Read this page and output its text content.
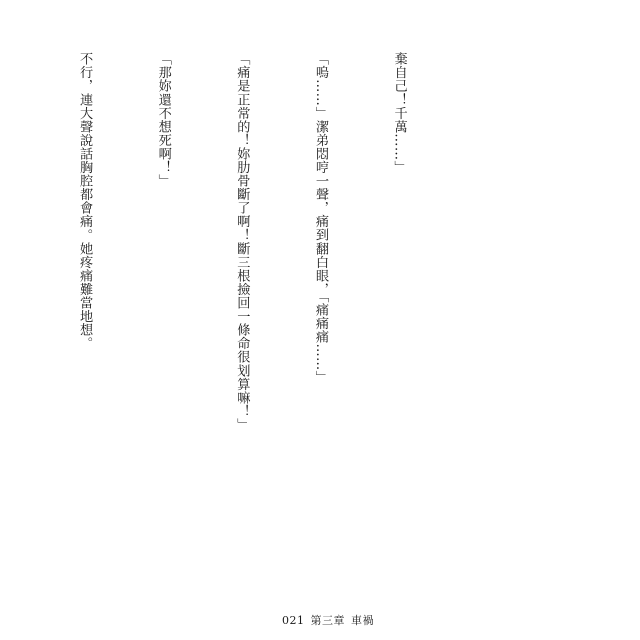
棄自己！千萬……」

「嗚……」潔弟悶哼一聲，痛到翻白眼，「痛痛痛……」

「痛是正常的！妳肋骨斷了啊！斷三根撿回一條命很划算嘛！」

「那妳還不想死啊！」

不行，連大聲說話胸腔都會痛。她疼痛難當地想。

021 第三章 車禍
